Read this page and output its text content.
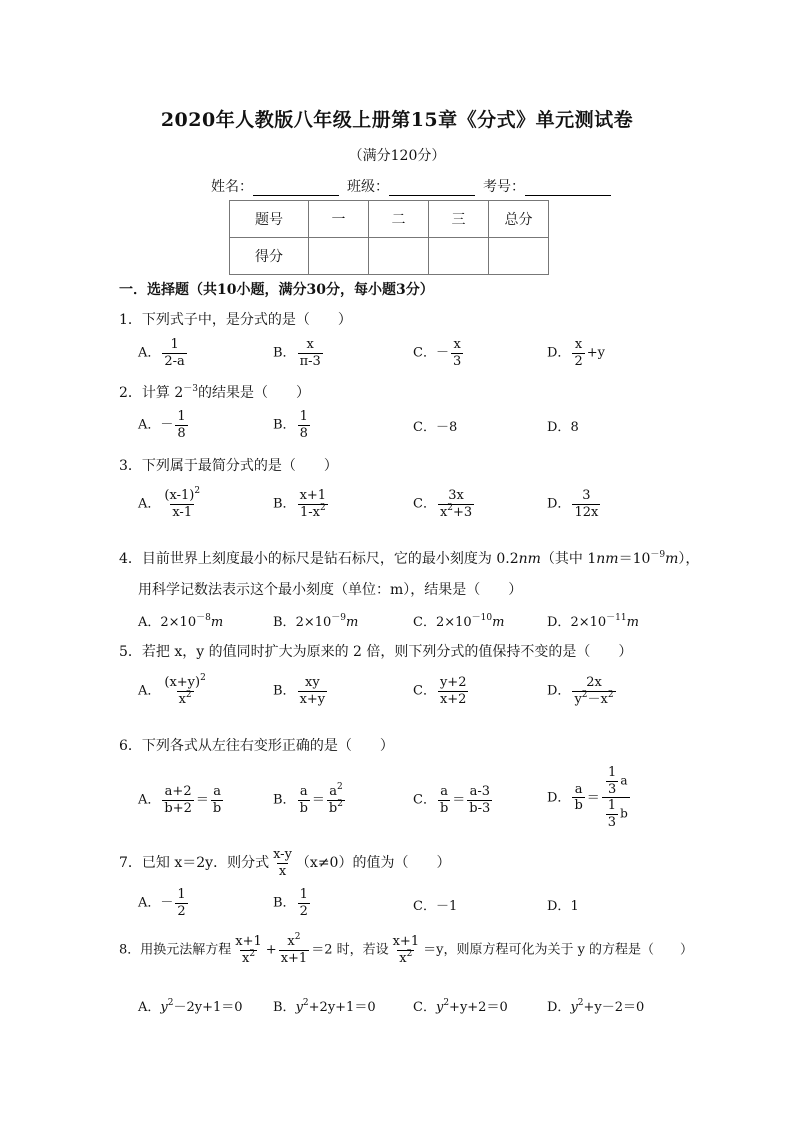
2020年人教版八年级上册第15章《分式》单元测试卷
（满分120分）
姓名：	班级：	考号：
题号	一	二	三	总分
得分				
一．选择题（共10小题，满分30分，每小题3分）
1．下列式子中，是分式的是（　　）
A． $\frac{1}{2-a}$	B． $\frac{x}{\pi-3}$	C．－ $\frac{x}{3}$	D． $\frac{x}{2} +y$
2．计算 $2^{-3}$的结果是（　　）
A．－ $\frac{1}{8}$	B． $\frac{1}{8}$	C．－8	D．8
3．下列属于最简分式的是（　　）
A． $\frac{(x-1)^2}{x-1}$	B． $\frac{x+1}{1-x^2}$	C． $\frac{3x}{x^2+3}$	D． $\frac{3}{12x}$
4．目前世界上刻度最小的标尺是钻石标尺，它的最小刻度为 0.2nm（其中 $1nm=10^{-9}m$），
用科学记数法表示这个最小刻度（单位：m），结果是（　　）
A．$2\times 10^{-8}m$	B．$2\times 10^{-9}m$	C．$2\times 10^{-10}m$	D．$2\times 10^{-11}m$
5．若把 x，y 的值同时扩大为原来的 2 倍，则下列分式的值保持不变的是（　　）
A． $\frac{(x+y)^2}{x^2}$	B． $\frac{xy}{x+y}$	C． $\frac{y+2}{x+2}$	D． $\frac{2x}{y^2-x^2}$
6．下列各式从左往右变形正确的是（　　）
A． $\frac{a+2}{b+2} = \frac{a}{b}$	B． $\frac{a}{b} = \frac{a^2}{b^2}$	C． $\frac{a}{b} = \frac{a-3}{b-3}$	D． $\frac{a}{b} = \frac{\frac{1}{3} a}{\frac{1}{3} b}$
7．已知 x＝2y．则分式 $\frac{x-y}{x} (x\ne 0)$的值为（　　）
A．－ $\frac{1}{2}$	B． $\frac{1}{2}$	C．－1	D．1
8．用换元法解方程 $\frac{x+1}{x^2} + \frac{x^2}{x+1} =2$ 时，若设 $\frac{x+1}{x^2} =y$，则原方程可化为关于 y 的方程是（　　）
A．$y^2-2y+1=0$ B．$y^2+2y+1=0$	C．$y^2+y+2=0$	D．$y^2+y-2=0$
